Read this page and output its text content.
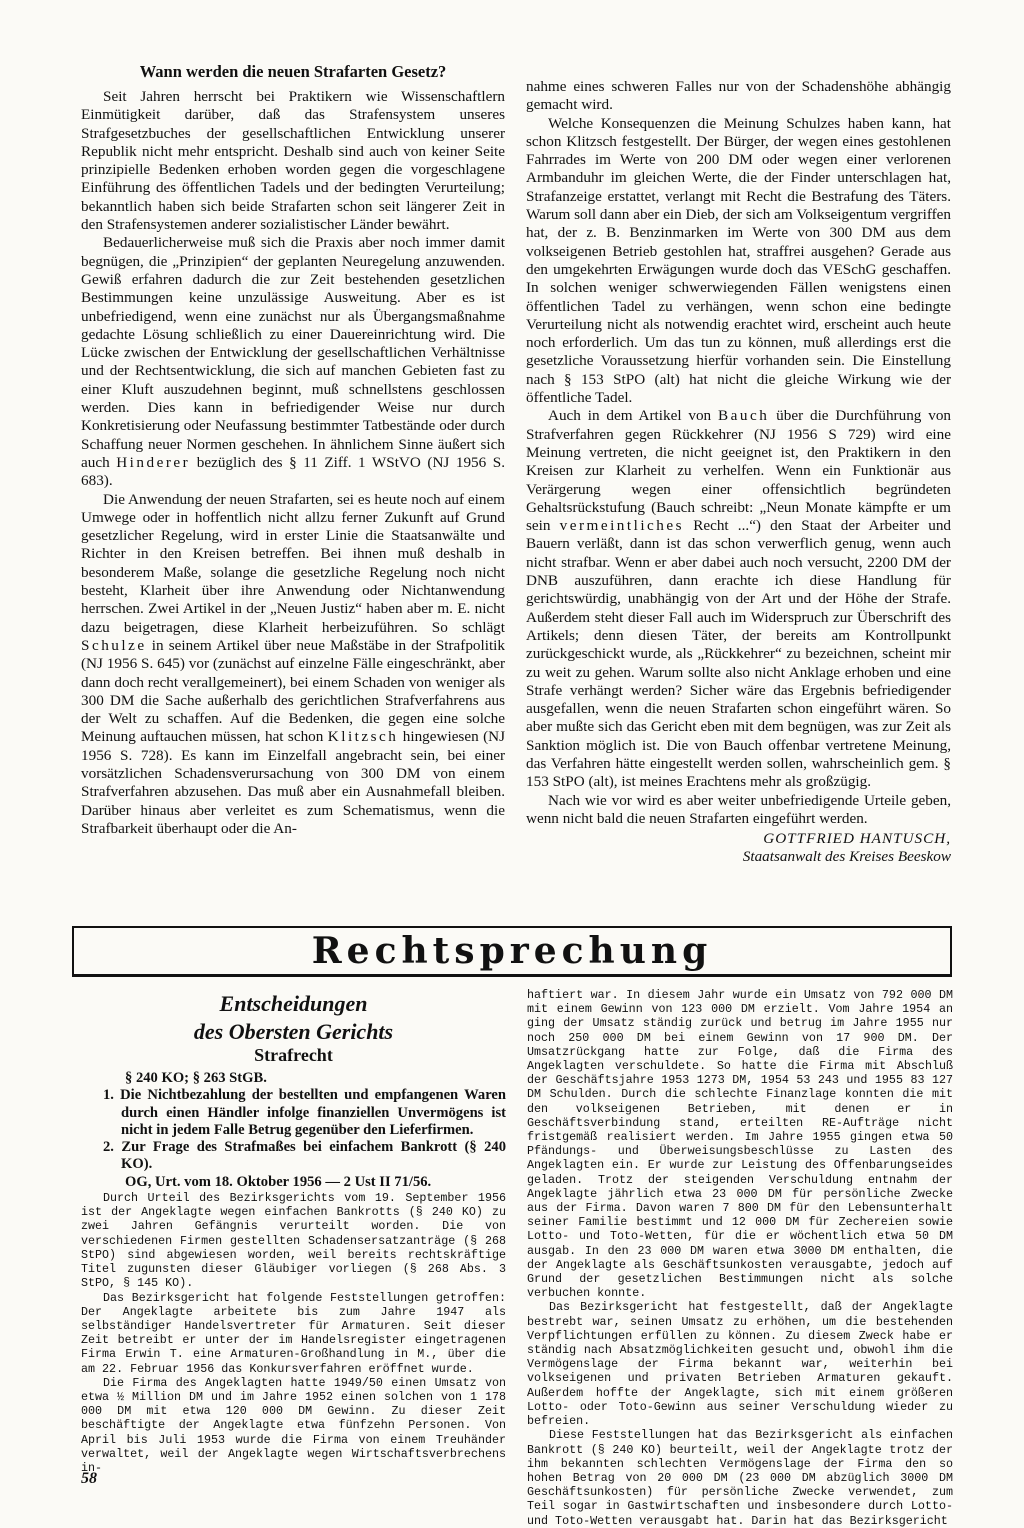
Wann werden die neuen Strafarten Gesetz?

Seit Jahren herrscht bei Praktikern wie Wissenschaftlern Einmütigkeit darüber, daß das Strafensystem unseres Strafgesetzbuches der gesellschaftlichen Entwicklung unserer Republik nicht mehr entspricht. Deshalb sind auch von keiner Seite prinzipielle Bedenken erhoben worden gegen die vorgeschlagene Einführung des öffentlichen Tadels und der bedingten Verurteilung; bekanntlich haben sich beide Strafarten schon seit längerer Zeit in den Strafensystemen anderer sozialistischer Länder bewährt.

Bedauerlicherweise muß sich die Praxis aber noch immer damit begnügen, die „Prinzipien“ der geplanten Neuregelung anzuwenden. Gewiß erfahren dadurch die zur Zeit bestehenden gesetzlichen Bestimmungen keine unzulässige Ausweitung. Aber es ist unbefriedigend, wenn eine zunächst nur als Übergangsmaßnahme gedachte Lösung schließlich zu einer Dauereinrichtung wird. Die Lücke zwischen der Entwicklung der gesellschaftlichen Verhältnisse und der Rechtsentwicklung, die sich auf manchen Gebieten fast zu einer Kluft auszudehnen beginnt, muß schnellstens geschlossen werden. Dies kann in befriedigender Weise nur durch Konkretisierung oder Neufassung bestimmter Tatbestände oder durch Schaffung neuer Normen geschehen. In ähnlichem Sinne äußert sich auch Hinderer bezüglich des § 11 Ziff. 1 WStVO (NJ 1956 S. 683).

Die Anwendung der neuen Strafarten, sei es heute noch auf einem Umwege oder in hoffentlich nicht allzu ferner Zukunft auf Grund gesetzlicher Regelung, wird in erster Linie die Staatsanwälte und Richter in den Kreisen betreffen. Bei ihnen muß deshalb in besonderem Maße, solange die gesetzliche Regelung noch nicht besteht, Klarheit über ihre Anwendung oder Nichtanwendung herrschen. Zwei Artikel in der „Neuen Justiz“ haben aber m. E. nicht dazu beigetragen, diese Klarheit herbeizuführen. So schlägt Schulze in seinem Artikel über neue Maßstäbe in der Strafpolitik (NJ 1956 S. 645) vor (zunächst auf einzelne Fälle eingeschränkt, aber dann doch recht verallgemeinert), bei einem Schaden von weniger als 300 DM die Sache außerhalb des gerichtlichen Strafverfahrens aus der Welt zu schaffen. Auf die Bedenken, die gegen eine solche Meinung auftauchen müssen, hat schon Klitzsch hingewiesen (NJ 1956 S. 728). Es kann im Einzelfall angebracht sein, bei einer vorsätzlichen Schadensverursachung von 300 DM von einem Strafverfahren abzusehen. Das muß aber ein Ausnahmefall bleiben. Darüber hinaus aber verleitet es zum Schematismus, wenn die Strafbarkeit überhaupt oder die An-

nahme eines schweren Falles nur von der Schadenshöhe abhängig gemacht wird.

Welche Konsequenzen die Meinung Schulzes haben kann, hat schon Klitzsch festgestellt. Der Bürger, der wegen eines gestohlenen Fahrrades im Werte von 200 DM oder wegen einer verlorenen Armbanduhr im gleichen Werte, die der Finder unterschlagen hat, Strafanzeige erstattet, verlangt mit Recht die Bestrafung des Täters. Warum soll dann aber ein Dieb, der sich am Volkseigentum vergriffen hat, der z. B. Benzinmarken im Werte von 300 DM aus dem volkseigenen Betrieb gestohlen hat, straffrei ausgehen? Gerade aus den umgekehrten Erwägungen wurde doch das VESchG geschaffen. In solchen weniger schwerwiegenden Fällen wenigstens einen öffentlichen Tadel zu verhängen, wenn schon eine bedingte Verurteilung nicht als notwendig erachtet wird, erscheint auch heute noch erforderlich. Um das tun zu können, muß allerdings erst die gesetzliche Voraussetzung hierfür vorhanden sein. Die Einstellung nach § 153 StPO (alt) hat nicht die gleiche Wirkung wie der öffentliche Tadel.

Auch in dem Artikel von Bauch über die Durchführung von Strafverfahren gegen Rückkehrer (NJ 1956 S 729) wird eine Meinung vertreten, die nicht geeignet ist, den Praktikern in den Kreisen zur Klarheit zu verhelfen. Wenn ein Funktionär aus Verärgerung wegen einer offensichtlich begründeten Gehaltsrückstufung (Bauch schreibt: „Neun Monate kämpfte er um sein vermeintliches Recht ...“) den Staat der Arbeiter und Bauern verläßt, dann ist das schon verwerflich genug, wenn auch nicht strafbar. Wenn er aber dabei auch noch versucht, 2200 DM der DNB auszuführen, dann erachte ich diese Handlung für gerichtswürdig, unabhängig von der Art und der Höhe der Strafe. Außerdem steht dieser Fall auch im Widerspruch zur Überschrift des Artikels; denn diesen Täter, der bereits am Kontrollpunkt zurückgeschickt wurde, als „Rückkehrer“ zu bezeichnen, scheint mir zu weit zu gehen. Warum sollte also nicht Anklage erhoben und eine Strafe verhängt werden? Sicher wäre das Ergebnis befriedigender ausgefallen, wenn die neuen Strafarten schon eingeführt wären. So aber mußte sich das Gericht eben mit dem begnügen, was zur Zeit als Sanktion möglich ist. Die von Bauch offenbar vertretene Meinung, das Verfahren hätte eingestellt werden sollen, wahrscheinlich gem. § 153 StPO (alt), ist meines Erachtens mehr als großzügig.

Nach wie vor wird es aber weiter unbefriedigende Urteile geben, wenn nicht bald die neuen Strafarten eingeführt werden.

GOTTFRIED HANTUSCH,
Staatsanwalt des Kreises Beeskow
Rechtsprechung
Entscheidungen
des Obersten Gerichts
Strafrecht

§ 240 KO; § 263 StGB.

1. Die Nichtbezahlung der bestellten und empfangenen Waren durch einen Händler infolge finanziellen Unvermögens ist nicht in jedem Falle Betrug gegenüber den Lieferfirmen.

2. Zur Frage des Strafmaßes bei einfachem Bankrott (§ 240 KO).

OG, Urt. vom 18. Oktober 1956 — 2 Ust II 71/56.

Durch Urteil des Bezirksgerichts vom 19. September 1956 ist der Angeklagte wegen einfachen Bankrotts (§ 240 KO) zu zwei Jahren Gefängnis verurteilt worden. Die von verschiedenen Firmen gestellten Schadensersatzanträge (§ 268 StPO) sind abgewiesen worden, weil bereits rechtskräftige Titel zugunsten dieser Gläubiger vorliegen (§ 268 Abs. 3 StPO, § 145 KO).

Das Bezirksgericht hat folgende Feststellungen getroffen: Der Angeklagte arbeitete bis zum Jahre 1947 als selbständiger Handelsvertreter für Armaturen. Seit dieser Zeit betreibt er unter der im Handelsregister eingetragenen Firma Erwin T. eine Armaturen-Großhandlung in M., über die am 22. Februar 1956 das Konkursverfahren eröffnet wurde.

Die Firma des Angeklagten hatte 1949/50 einen Umsatz von etwa ½ Million DM und im Jahre 1952 einen solchen von 1 178 000 DM mit etwa 120 000 DM Gewinn. Zu dieser Zeit beschäftigte der Angeklagte etwa fünfzehn Personen. Von April bis Juli 1953 wurde die Firma von einem Treuhänder verwaltet, weil der Angeklagte wegen Wirtschaftsverbrechens in-

haftiert war. In diesem Jahr wurde ein Umsatz von 792 000 DM mit einem Gewinn von 123 000 DM erzielt. Vom Jahre 1954 an ging der Umsatz ständig zurück und betrug im Jahre 1955 nur noch 250 000 DM bei einem Gewinn von 17 900 DM. Der Umsatzrückgang hatte zur Folge, daß die Firma des Angeklagten verschuldete. So hatte die Firma mit Abschluß der Geschäftsjahre 1953 1273 DM, 1954 53 243 und 1955 83 127 DM Schulden. Durch die schlechte Finanzlage konnten die mit den volkseigenen Betrieben, mit denen er in Geschäftsverbindung stand, erteilten RE-Aufträge nicht fristgemäß realisiert werden. Im Jahre 1955 gingen etwa 50 Pfändungs- und Überweisungsbeschlüsse zu Lasten des Angeklagten ein. Er wurde zur Leistung des Offenbarungseides geladen. Trotz der steigenden Verschuldung entnahm der Angeklagte jährlich etwa 23 000 DM für persönliche Zwecke aus der Firma. Davon waren 7 800 DM für den Lebensunterhalt seiner Familie bestimmt und 12 000 DM für Zechereien sowie Lotto- und Toto-Wetten, für die er wöchentlich etwa 50 DM ausgab. In den 23 000 DM waren etwa 3000 DM enthalten, die der Angeklagte als Geschäftsunkosten verausgabte, jedoch auf Grund der gesetzlichen Bestimmungen nicht als solche verbuchen konnte.

Das Bezirksgericht hat festgestellt, daß der Angeklagte bestrebt war, seinen Umsatz zu erhöhen, um die bestehenden Verpflichtungen erfüllen zu können. Zu diesem Zweck habe er ständig nach Absatzmöglichkeiten gesucht und, obwohl ihm die Vermögenslage der Firma bekannt war, weiterhin bei volkseigenen und privaten Betrieben Armaturen gekauft. Außerdem hoffte der Angeklagte, sich mit einem größeren Lotto- oder Toto-Gewinn aus seiner Verschuldung wieder zu befreien.

Diese Feststellungen hat das Bezirksgericht als einfachen Bankrott (§ 240 KO) beurteilt, weil der Angeklagte trotz der ihm bekannten schlechten Vermögenslage der Firma den so hohen Betrag von 20 000 DM (23 000 DM abzüglich 3000 DM Geschäftsunkosten) für persönliche Zwecke verwendet, zum Teil sogar in Gastwirtschaften und insbesondere durch Lotto- und Toto-Wetten verausgabt hat. Darin hat das Bezirksgericht

58
